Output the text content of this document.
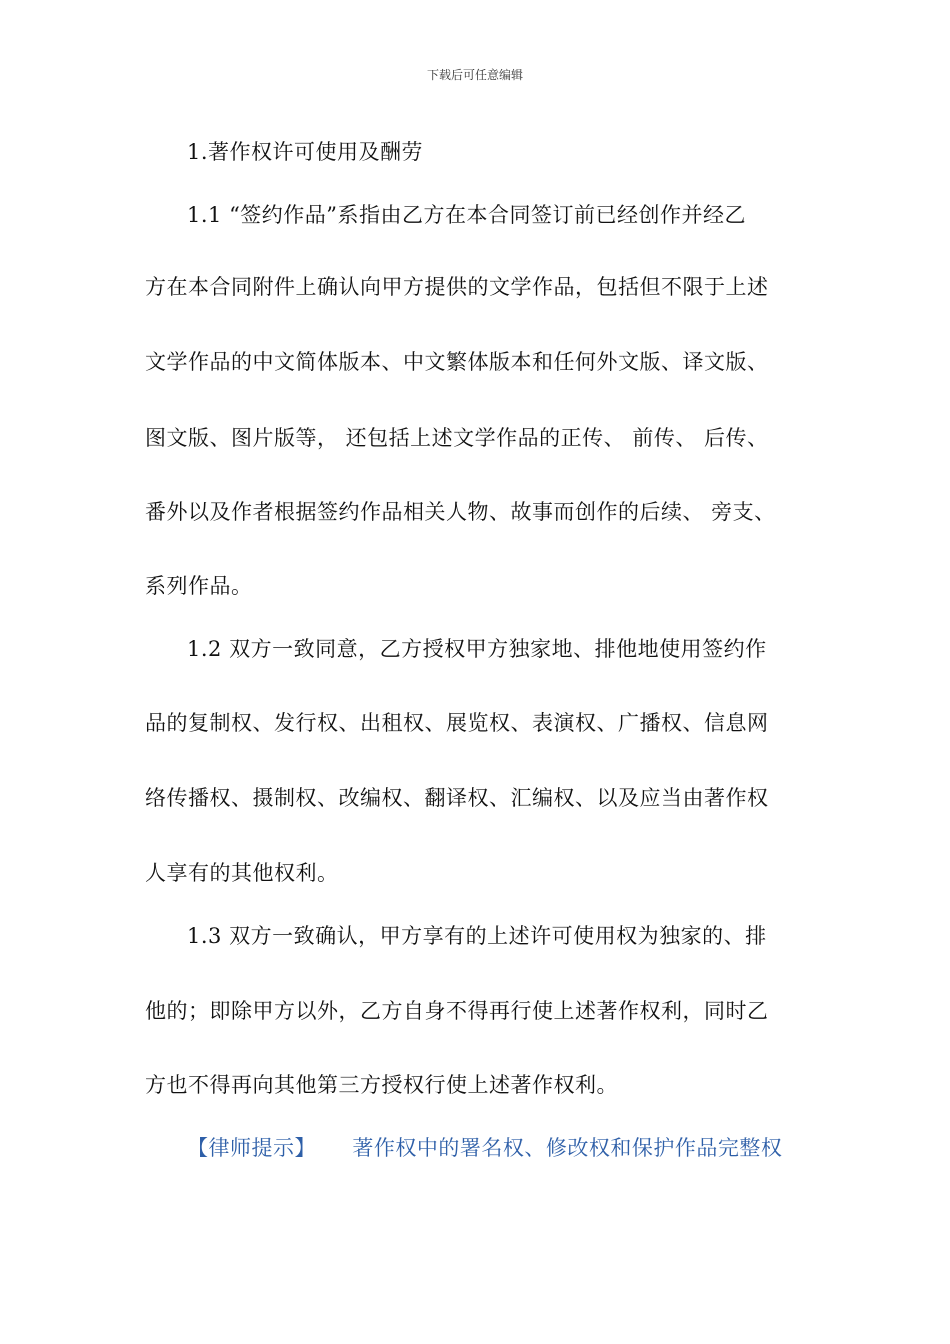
下载后可任意编辑
1.著作权许可使用及酬劳
1.1 “签约作品”系指由乙方在本合同签订前已经创作并经乙
方在本合同附件上确认向甲方提供的文学作品，包括但不限于上述
文学作品的中文简体版本、中文繁体版本和任何外文版、译文版、
图文版、图片版等， 还包括上述文学作品的正传、 前传、 后传、
番外以及作者根据签约作品相关人物、故事而创作的后续、 旁支、
系列作品。
1.2 双方一致同意，乙方授权甲方独家地、排他地使用签约作
品的复制权、发行权、出租权、展览权、表演权、广播权、信息网
络传播权、摄制权、改编权、翻译权、汇编权、以及应当由著作权
人享有的其他权利。
1.3 双方一致确认，甲方享有的上述许可使用权为独家的、排
他的；即除甲方以外，乙方自身不得再行使上述著作权利，同时乙
方也不得再向其他第三方授权行使上述著作权利。
【律师提示】 著作权中的署名权、修改权和保护作品完整权
